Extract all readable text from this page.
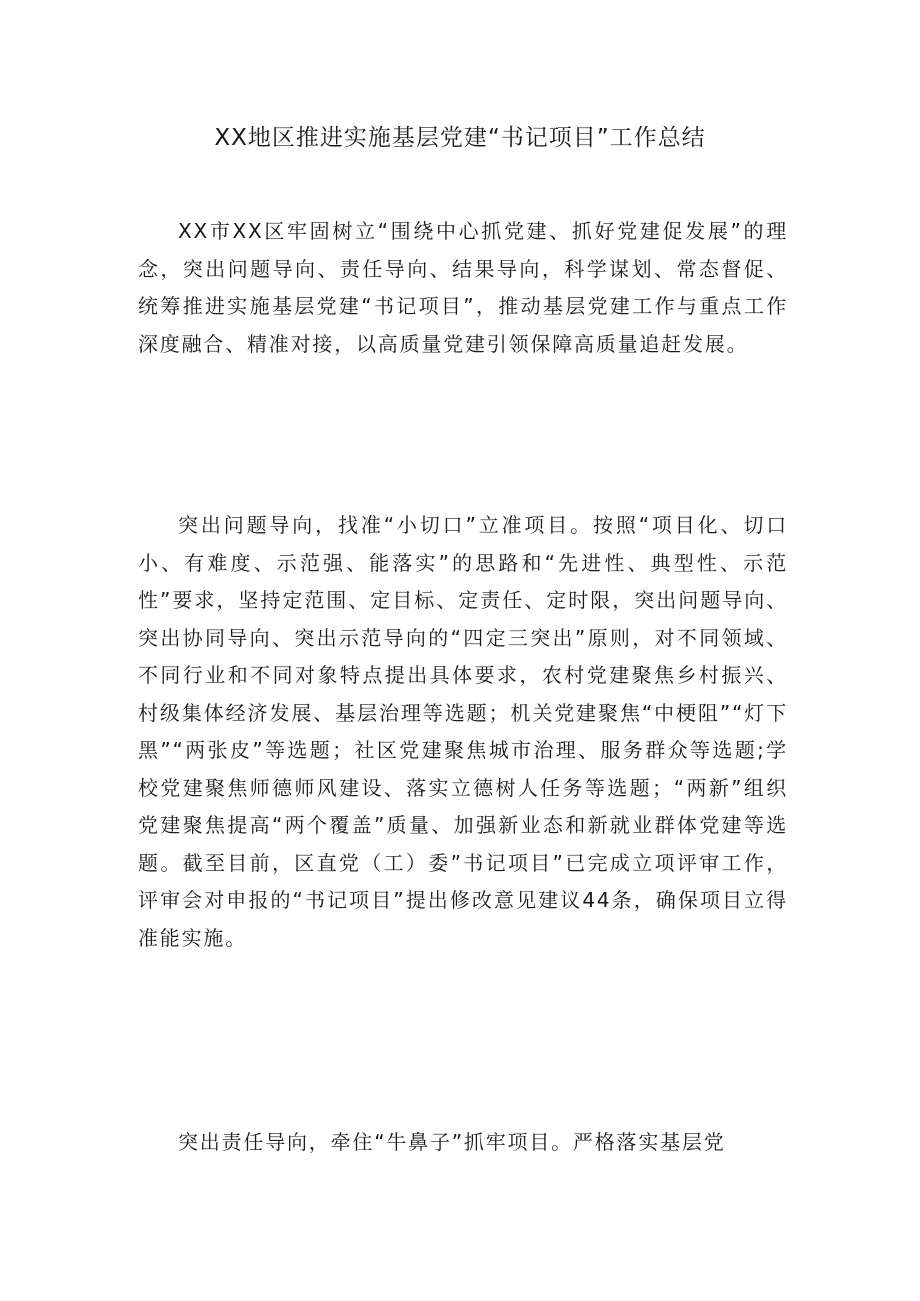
XX地区推进实施基层党建“书记项目”工作总结

XX市XX区牢固树立“围绕中心抓党建、抓好党建促发展”的理念，突出问题导向、责任导向、结果导向，科学谋划、常态督促、统筹推进实施基层党建“书记项目”，推动基层党建工作与重点工作深度融合、精准对接，以高质量党建引领保障高质量追赶发展。

突出问题导向，找准“小切口”立准项目。按照“项目化、切口小、有难度、示范强、能落实”的思路和“先进性、典型性、示范性”要求，坚持定范围、定目标、定责任、定时限，突出问题导向、突出协同导向、突出示范导向的“四定三突出”原则，对不同领域、不同行业和不同对象特点提出具体要求，农村党建聚焦乡村振兴、村级集体经济发展、基层治理等选题；机关党建聚焦“中梗阻”“灯下黑”“两张皮”等选题；社区党建聚焦城市治理、服务群众等选题;学校党建聚焦师德师风建设、落实立德树人任务等选题；“两新”组织党建聚焦提高“两个覆盖”质量、加强新业态和新就业群体党建等选题。截至目前，区直党（工）委”书记项目”已完成立项评审工作，评审会对申报的“书记项目”提出修改意见建议44条，确保项目立得准能实施。

突出责任导向，牵住“牛鼻子”抓牢项目。严格落实基层党
